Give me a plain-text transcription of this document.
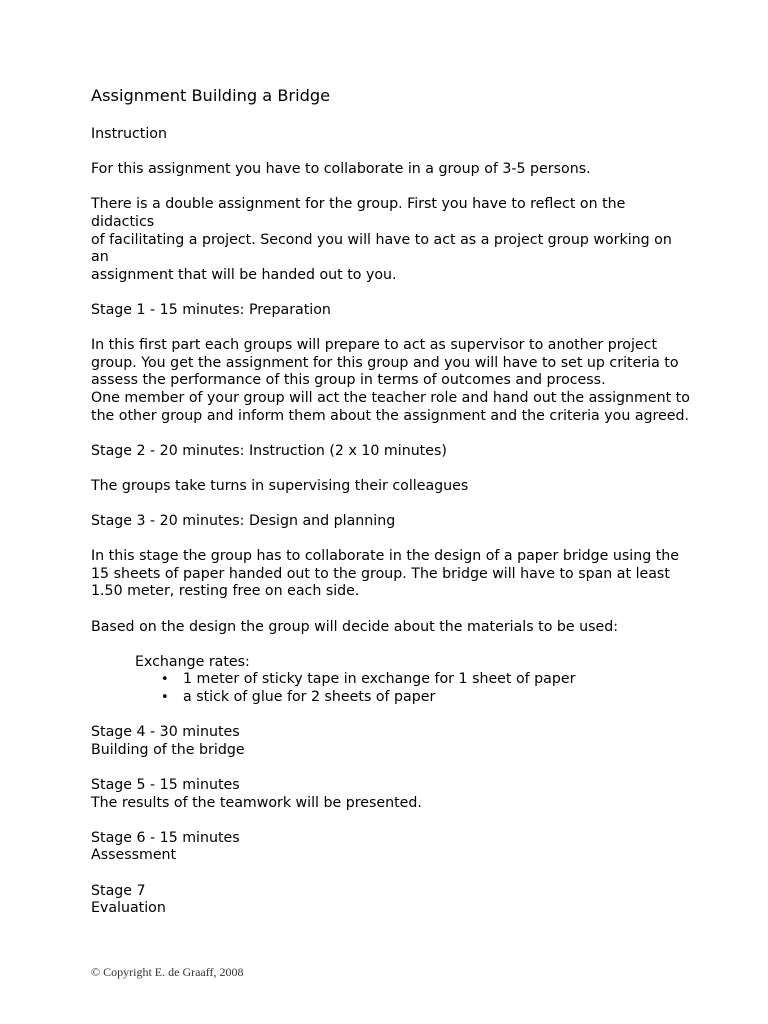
Assignment Building a Bridge

Instruction

For this assignment you have to collaborate in a group of 3-5 persons.

There is a double assignment for the group. First you have to reflect on the didactics
of facilitating a project. Second you will have to act as a project group working on an
assignment that will be handed out to you.

Stage 1 - 15 minutes: Preparation

In this first part each groups will prepare to act as supervisor to another project
group. You get the assignment for this group and you will have to set up criteria to
assess the performance of this group in terms of outcomes and process.
One member of your group will act the teacher role and hand out the assignment to
the other group and inform them about the assignment and the criteria you agreed.

Stage 2 - 20 minutes: Instruction (2 x 10 minutes)

The groups take turns in supervising their colleagues

Stage 3 - 20 minutes: Design and planning

In this stage the group has to collaborate in the design of a paper bridge using the
15 sheets of paper handed out to the group. The bridge will have to span at least
1.50 meter, resting free on each side.

Based on the design the group will decide about the materials to be used:

Exchange rates:
• 1 meter of sticky tape in exchange for 1 sheet of paper
• a stick of glue for 2 sheets of paper

Stage 4 - 30 minutes
Building of the bridge

Stage 5 - 15 minutes
The results of the teamwork will be presented.

Stage 6 - 15 minutes
Assessment

Stage 7
Evaluation

© Copyright E. de Graaff, 2008
